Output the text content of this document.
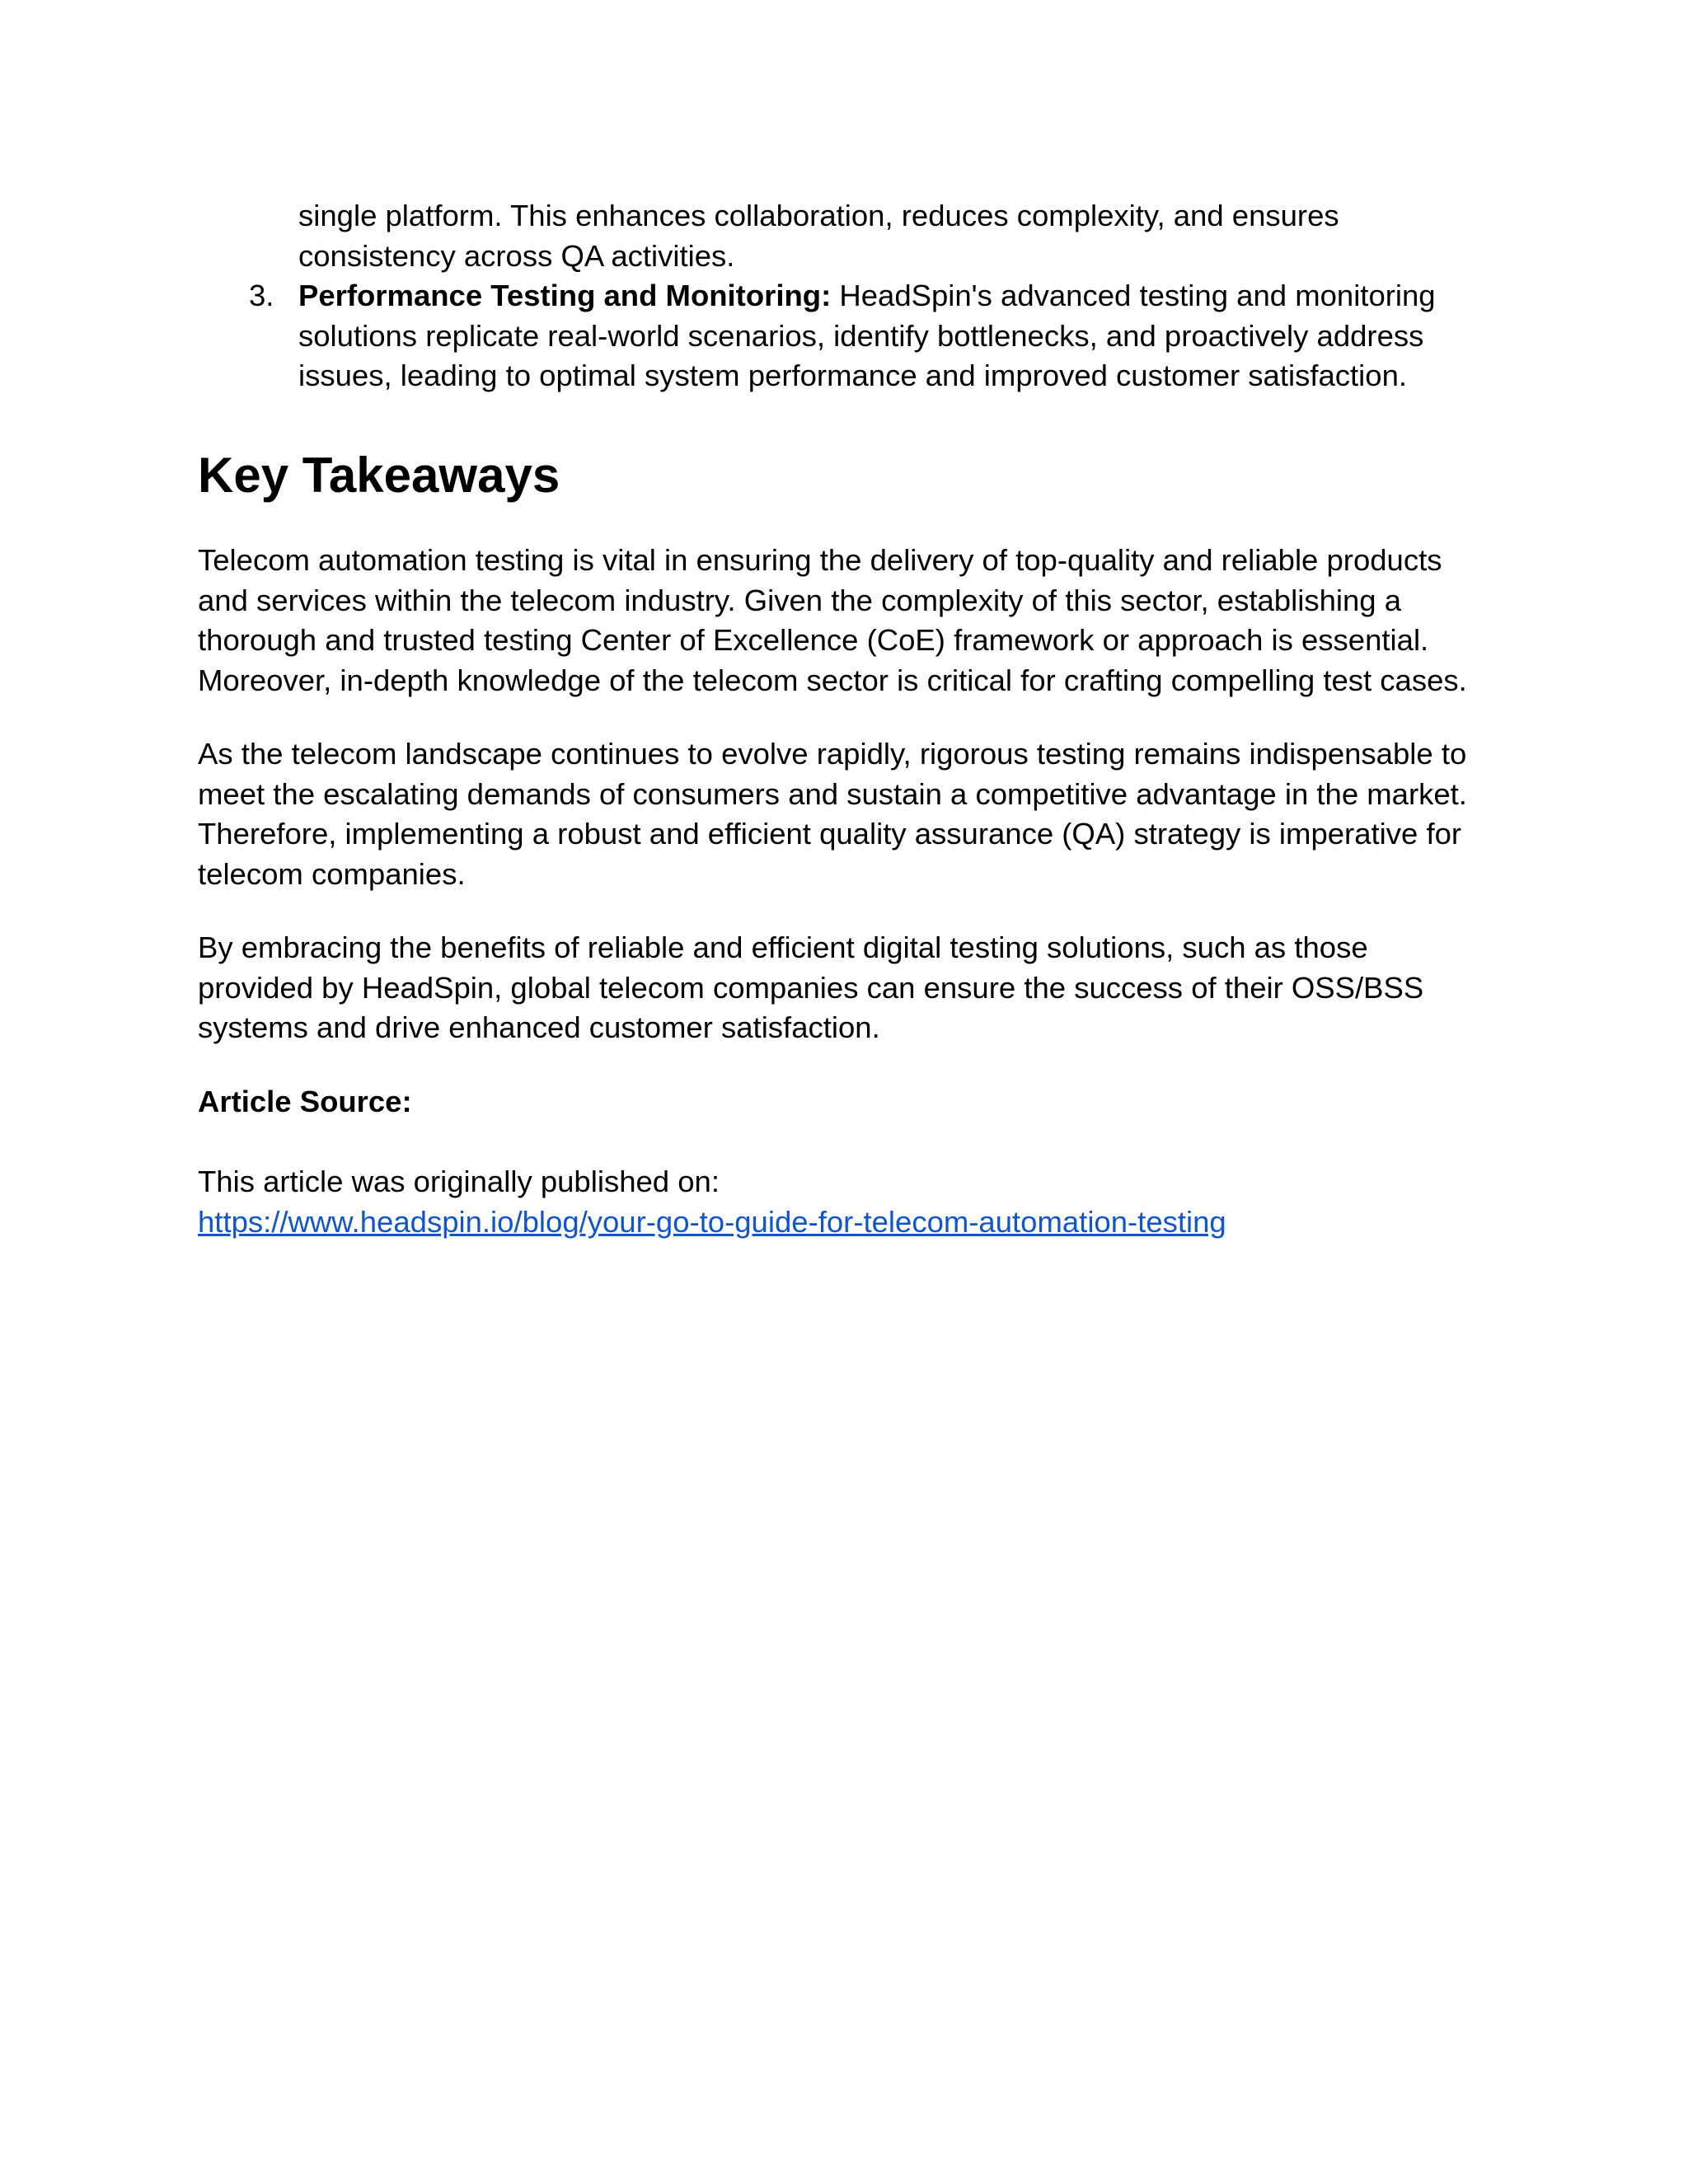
single platform. This enhances collaboration, reduces complexity, and ensures
consistency across QA activities.
3. Performance Testing and Monitoring: HeadSpin's advanced testing and monitoring
solutions replicate real-world scenarios, identify bottlenecks, and proactively address
issues, leading to optimal system performance and improved customer satisfaction.
Key Takeaways
Telecom automation testing is vital in ensuring the delivery of top-quality and reliable products
and services within the telecom industry. Given the complexity of this sector, establishing a
thorough and trusted testing Center of Excellence (CoE) framework or approach is essential.
Moreover, in-depth knowledge of the telecom sector is critical for crafting compelling test cases.
As the telecom landscape continues to evolve rapidly, rigorous testing remains indispensable to
meet the escalating demands of consumers and sustain a competitive advantage in the market.
Therefore, implementing a robust and efficient quality assurance (QA) strategy is imperative for
telecom companies.
By embracing the benefits of reliable and efficient digital testing solutions, such as those
provided by HeadSpin, global telecom companies can ensure the success of their OSS/BSS
systems and drive enhanced customer satisfaction.
Article Source:
This article was originally published on:
https://www.headspin.io/blog/your-go-to-guide-for-telecom-automation-testing
